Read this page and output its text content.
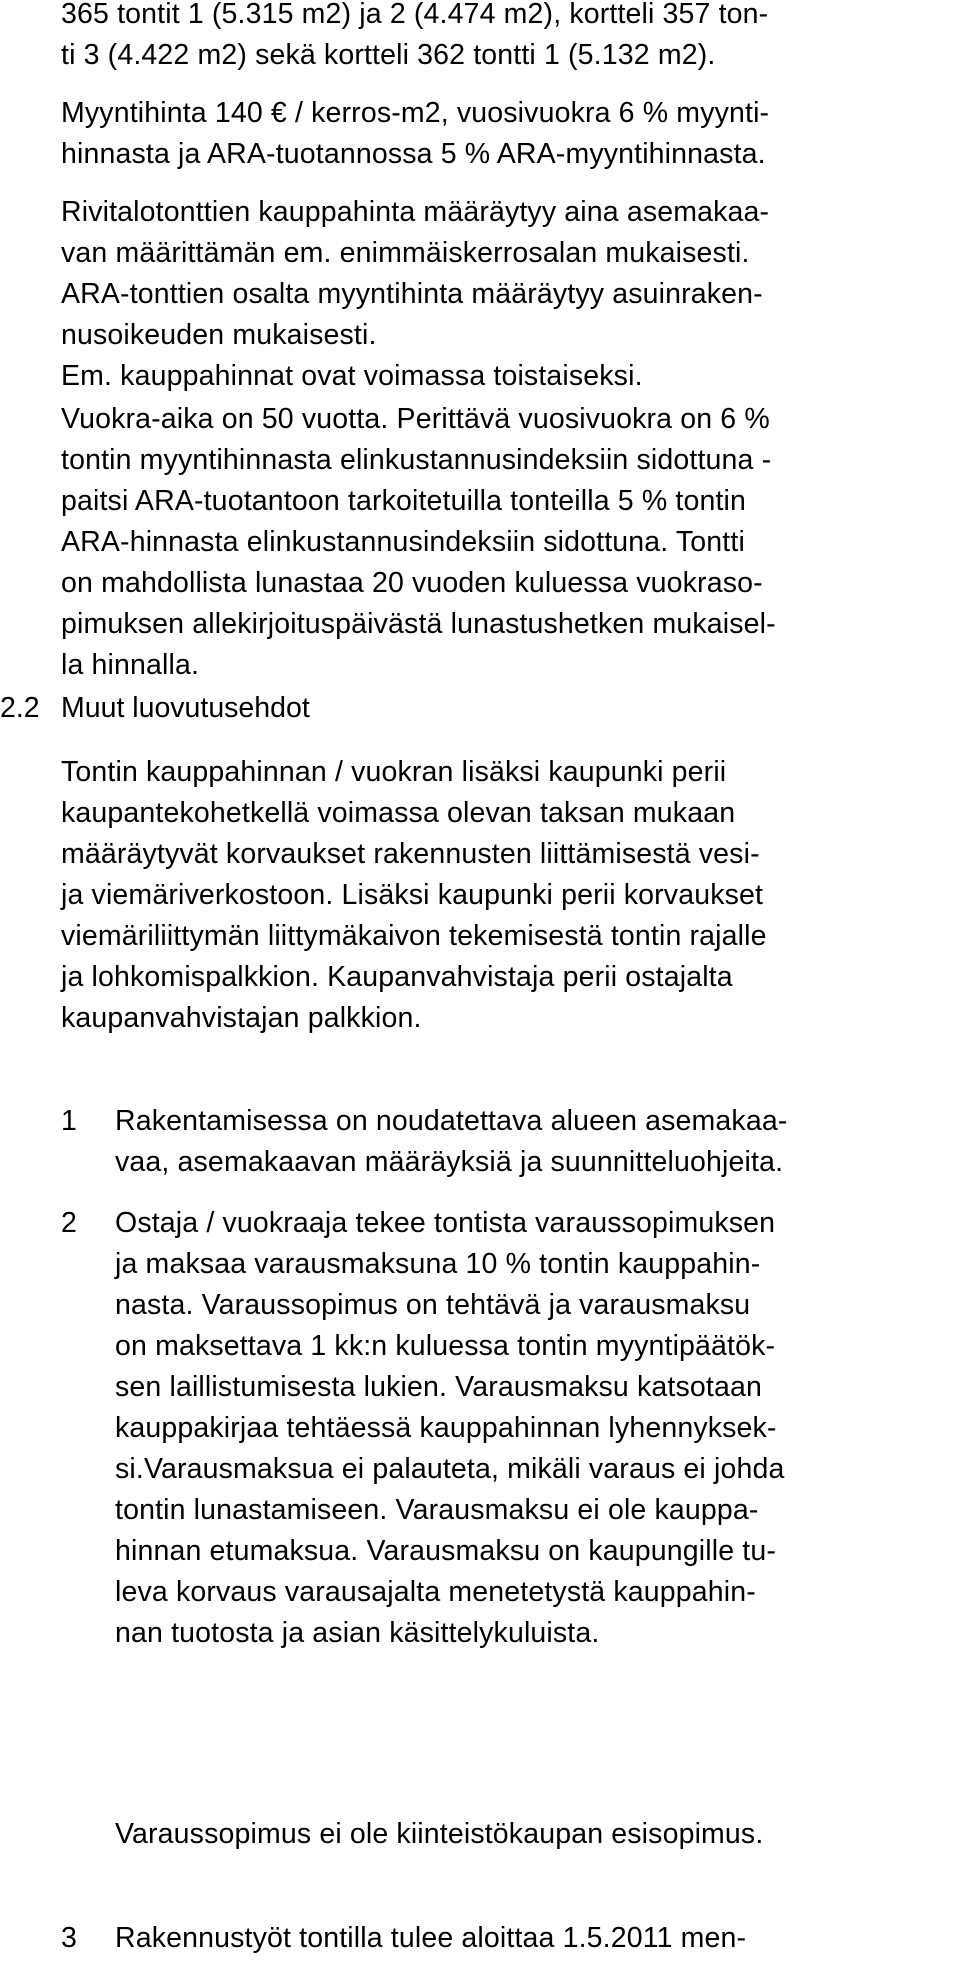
365 tontit 1 (5.315 m2) ja 2 (4.474 m2), kortteli 357 ton-
ti 3 (4.422 m2) sekä kortteli 362 tontti 1 (5.132 m2).
Myyntihinta 140 € / kerros-m2, vuosivuokra 6 % myynti-
hinnasta ja ARA-tuotannossa 5 % ARA-myyntihinnasta.
Rivitalotonttien kauppahinta määräytyy aina asemakaa-
van määrittämän em. enimmäiskerrosalan mukaisesti.
ARA-tonttien osalta myyntihinta määräytyy asuinraken-
nusoikeuden mukaisesti.
Em. kauppahinnat ovat voimassa toistaiseksi.
Vuokra-aika on 50 vuotta. Perittävä vuosivuokra on 6 %
tontin myyntihinnasta elinkustannusindeksiin sidottuna -
paitsi ARA-tuotantoon tarkoitetuilla tonteilla 5 % tontin
ARA-hinnasta elinkustannusindeksiin sidottuna. Tontti
on mahdollista lunastaa 20 vuoden kuluessa vuokraso-
pimuksen allekirjoituspäivästä lunastushetken mukaisel-
la hinnalla.
2.2 Muut luovutusehdot
Tontin kauppahinnan / vuokran lisäksi kaupunki perii
kaupantekohetkellä voimassa olevan taksan mukaan
määräytyvät korvaukset rakennusten liittämisestä vesi-
ja viemäriverkostoon. Lisäksi kaupunki perii korvaukset
viemäriliittymän liittymäkaivon tekemisestä tontin rajalle
ja lohkomispalkkion. Kaupanvahvistaja perii ostajalta
kaupanvahvistajan palkkion.
1	Rakentamisessa on noudatettava alueen asemakaa-
vaa, asemakaavan määräyksiä ja suunnitteluohjeita.
2	Ostaja / vuokraaja tekee tontista varaussopimuksen
ja maksaa varausmaksuna 10 % tontin kauppahin-
nasta. Varaussopimus on tehtävä ja varausmaksu
on maksettava 1 kk:n kuluessa tontin myyntipäätök-
sen laillistumisesta lukien. Varausmaksu katsotaan
kauppakirjaa tehtäessä kauppahinnan lyhennyksek-
si.Varausmaksua ei palauteta, mikäli varaus ei johda
tontin lunastamiseen. Varausmaksu ei ole kauppa-
hinnan etumaksua. Varausmaksu on kaupungille tu-
leva korvaus varausajalta menetetystä kauppahin-
nan tuotosta ja asian käsittelykuluista.
Varaussopimus ei ole kiinteistökaupan esisopimus.
3	Rakennustyöt tontilla tulee aloittaa 1.5.2011 men-
